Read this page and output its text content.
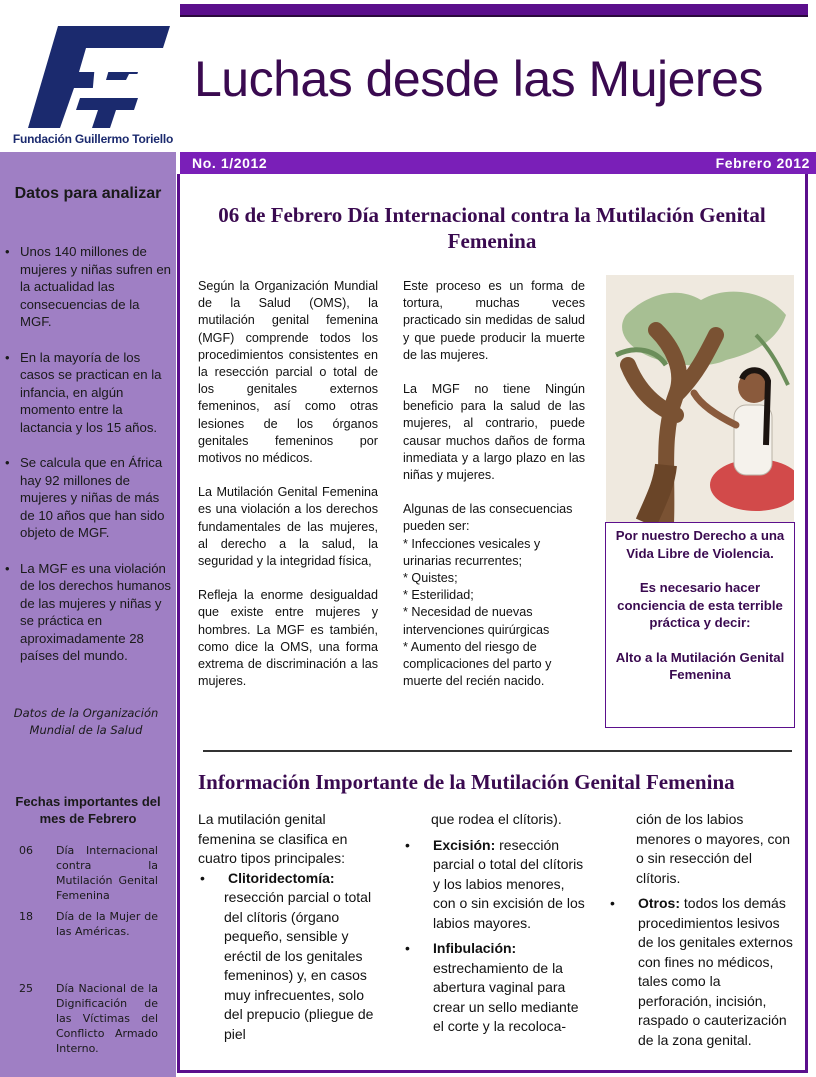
Fundación Guillermo Toriello
Datos para analizar
• Unos 140 millones de mujeres y niñas sufren en la actualidad las consecuencias de la MGF.
• En la mayoría de los casos se practican en la infancia, en algún momento entre la lactancia y los 15 años.
• Se calcula que en África hay 92 millones de mujeres y niñas de más de 10 años que han sido objeto de MGF.
• La MGF es una violación de los derechos humanos de las mujeres y niñas y se práctica en aproximadamente 28 países del mundo.
Datos de la Organización Mundial de la Salud
Fechas importantes del mes de Febrero
06 Día Internacional contra la Mutilación Genital Femenina
18 Día de la Mujer de las Américas.
25 Día Nacional de la Dignificación de las Víctimas del Conflicto Armado Interno.
Luchas desde las Mujeres
No. 1/2012	Febrero 2012
06 de Febrero Día Internacional contra la Mutilación Genital Femenina

Según la Organización Mundial de la Salud (OMS), la mutilación genital femenina (MGF) comprende todos los procedimientos consistentes en la resección parcial o total de los genitales externos femeninos, así como otras lesiones de los órganos genitales femeninos por motivos no médicos.

La Mutilación Genital Femenina es una violación a los derechos fundamentales de las mujeres, al derecho a la salud, la seguridad y la integridad física,

Refleja la enorme desigualdad que existe entre mujeres y hombres. La MGF es también, como dice la OMS, una forma extrema de discriminación a las mujeres.

Este proceso es un forma de tortura, muchas veces practicado sin medidas de salud y que puede producir la muerte de las mujeres.

La MGF no tiene Ningún beneficio para la salud de las mujeres, al contrario, puede causar muchos daños de forma inmediata y a largo plazo en las niñas y mujeres.

Algunas de las consecuencias pueden ser:

* Infecciones vesicales y urinarias recurrentes;

* Quistes;

* Esterilidad;

* Necesidad de nuevas intervenciones quirúrgicas

* Aumento del riesgo de complicaciones del parto y muerte del recién nacido.

Por nuestro Derecho a una Vida Libre de Violencia.

Es necesario hacer conciencia de esta terrible práctica y decir:

Alto a la Mutilación Genital Femenina

Información Importante de la Mutilación Genital Femenina

La mutilación genital femenina se clasifica en cuatro tipos principales:

• Clitoridectomía:

resección parcial o total del clítoris (órgano pequeño, sensible y eréctil de los genitales femeninos) y, en casos muy infrecuentes, solo del prepucio (pliegue de piel

que rodea el clítoris).

• Excisión: resección parcial o total del clítoris y los labios menores, con o sin excisión de los labios mayores.

• Infibulación: estrechamiento de la abertura vaginal para crear un sello mediante el corte y la recoloca-

ción de los labios menores o mayores, con o sin resección del clítoris.

• Otros: todos los demás procedimientos lesivos de los genitales externos con fines no médicos, tales como la perforación, incisión, raspado o cauterización de la zona genital.
